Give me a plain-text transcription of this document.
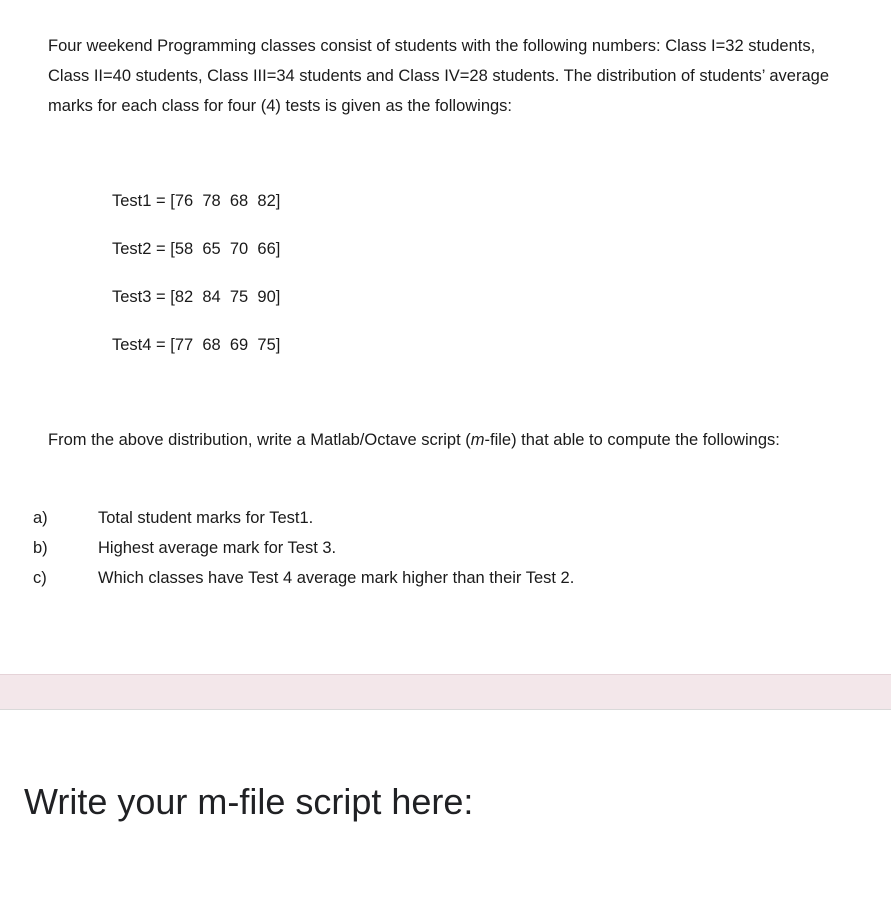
Four weekend Programming classes consist of students with the following numbers: Class I=32 students, Class II=40 students, Class III=34 students and Class IV=28 students. The distribution of students’ average marks for each class for four (4) tests is given as the followings:

Test1 = [76  78  68  82]
Test2 = [58  65  70  66]
Test3 = [82  84  75  90]
Test4 = [77  68  69  75]

From the above distribution, write a Matlab/Octave script (m-file) that able to compute the followings:

a)	Total student marks for Test1.
b)	Highest average mark for Test 3.
c)	Which classes have Test 4 average mark higher than their Test 2.
Write your m-file script here:
